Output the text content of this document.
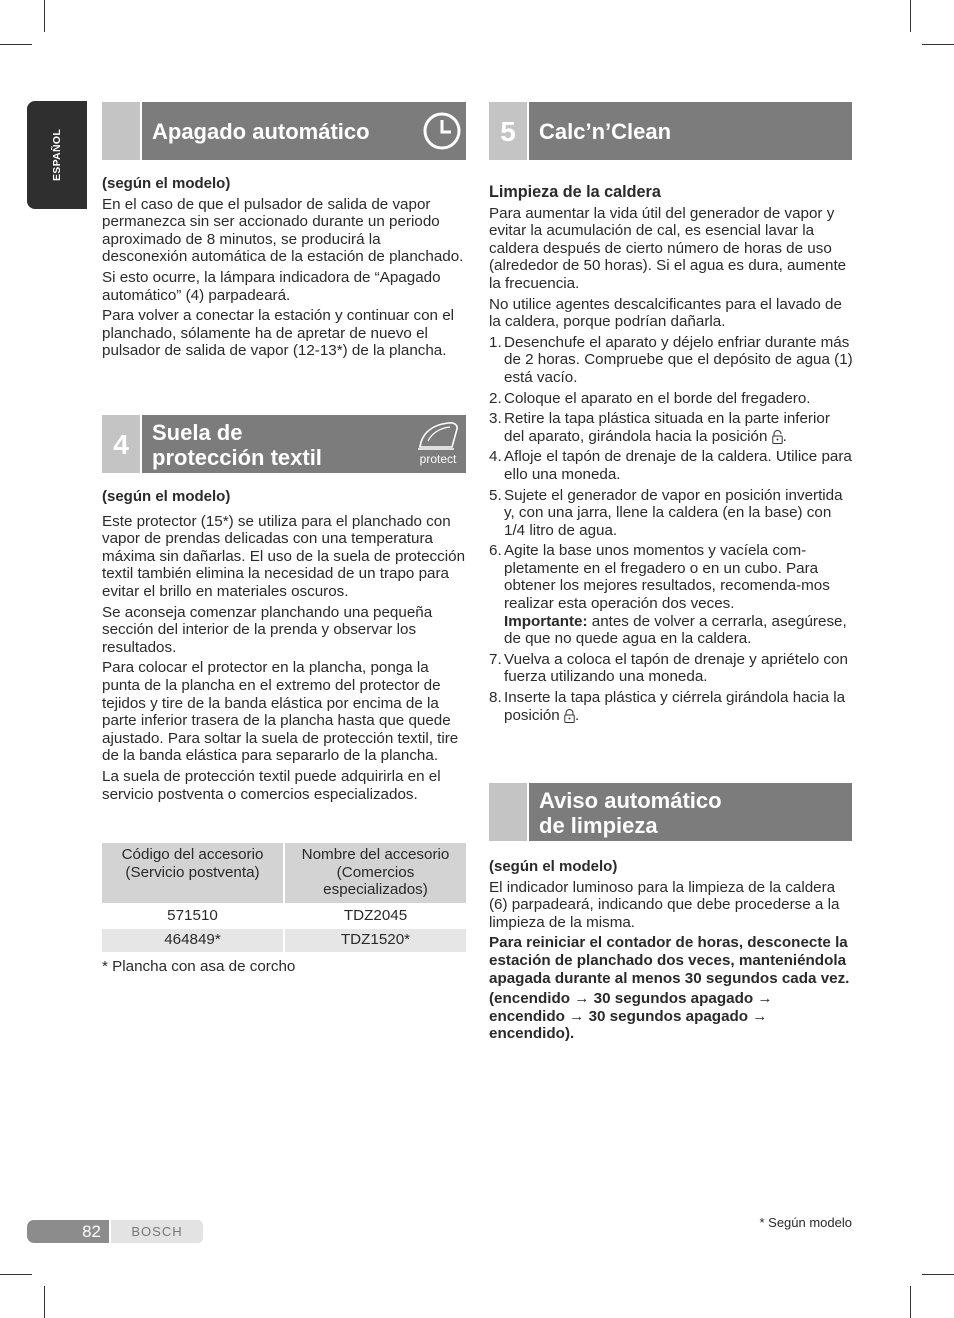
ESPAÑOL	Apagado automático

(según el modelo)

En el caso de que el pulsador de salida de vapor permanezca sin ser accionado durante un periodo aproximado de 8 minutos, se producirá la desconexión automática de la estación de planchado.

Si esto ocurre, la lámpara indicadora de “Apagado automático” (4) parpadeará.

Para volver a conectar la estación y continuar con el planchado, sólamente ha de apretar de nuevo el pulsador de salida de vapor (12-13*) de la plancha.

4	Suela de
protección textil	protect

(según el modelo)

Este protector (15*) se utiliza para el planchado con vapor de prendas delicadas con una temperatura máxima sin dañarlas. El uso de la suela de protección textil también elimina la necesidad de un trapo para evitar el brillo en materiales oscuros.

Se aconseja comenzar planchando una pequeña sección del interior de la prenda y observar los resultados.

Para colocar el protector en la plancha, ponga la punta de la plancha en el extremo del protector de tejidos y tire de la banda elástica por encima de la parte inferior trasera de la plancha hasta que quede ajustado. Para soltar la suela de protección textil, tire de la banda elástica para separarlo de la plancha.

La suela de protección textil puede adquirirla en el servicio postventa o comercios especializados.

Código del accesorio (Servicio postventa)	Nombre del accesorio (Comercios especializados)
571510	TDZ2045
464849*	TDZ1520*
* Plancha con asa de corcho
5	Calc’n’Clean

Limpieza de la caldera

Para aumentar la vida útil del generador de vapor y evitar la acumulación de cal, es esencial lavar la caldera después de cierto número de horas de uso (alrededor de 50 horas). Si el agua es dura, aumente la frecuencia.

No utilice agentes descalcificantes para el lavado de la caldera, porque podrían dañarla.

1. Desenchufe el aparato y déjelo enfriar durante más de 2 horas. Compruebe que el depósito de agua (1) está vacío.
2. Coloque el aparato en el borde del fregadero.
3. Retire la tapa plástica situada en la parte inferior del aparato, girándola hacia la posición .
4. Afloje el tapón de drenaje de la caldera. Utilice para ello una moneda.
5. Sujete el generador de vapor en posición invertida y, con una jarra, llene la caldera (en la base) con 1/4 litro de agua.
6. Agite la base unos momentos y vacíela com-pletamente en el fregadero o en un cubo. Para obtener los mejores resultados, recomenda-mos realizar esta operación dos veces.
Importante: antes de volver a cerrarla, asegúrese, de que no quede agua en la caldera.
7. Vuelva a coloca el tapón de drenaje y apriételo con fuerza utilizando una moneda.
8. Inserte la tapa plástica y ciérrela girándola hacia la posición .
Aviso automático
de limpieza

(según el modelo)

El indicador luminoso para la limpieza de la caldera (6) parpadeará, indicando que debe procederse a la limpieza de la misma.

Para reiniciar el contador de horas, desconecte la estación de planchado dos veces, manteniéndola apagada durante al menos 30 segundos cada vez.

(encendido → 30 segundos apagado → encendido → 30 segundos apagado → encendido).

82	BOSCH
* Según modelo
